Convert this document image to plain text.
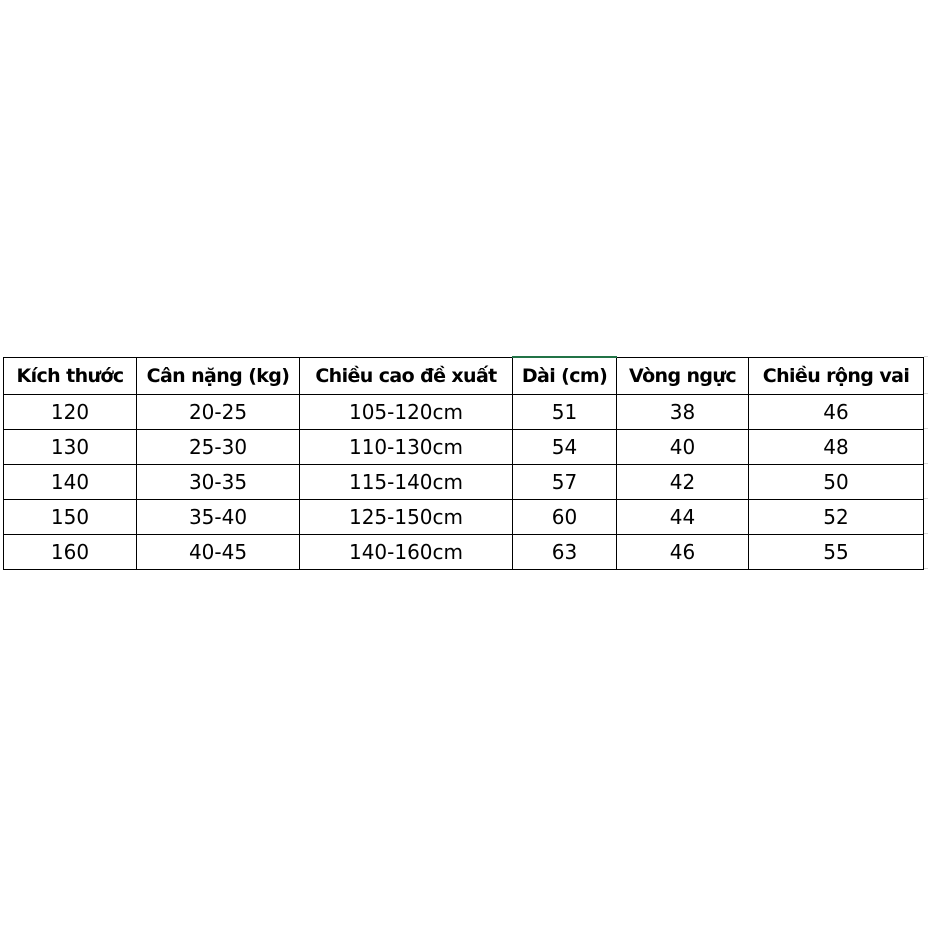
Kích thước	Cân nặng (kg)	Chiều cao đề xuất	Dài (cm)	Vòng ngực	Chiều rộng vai
120	20-25	105-120cm	51	38	46
130	25-30	110-130cm	54	40	48
140	30-35	115-140cm	57	42	50
150	35-40	125-150cm	60	44	52
160	40-45	140-160cm	63	46	55
